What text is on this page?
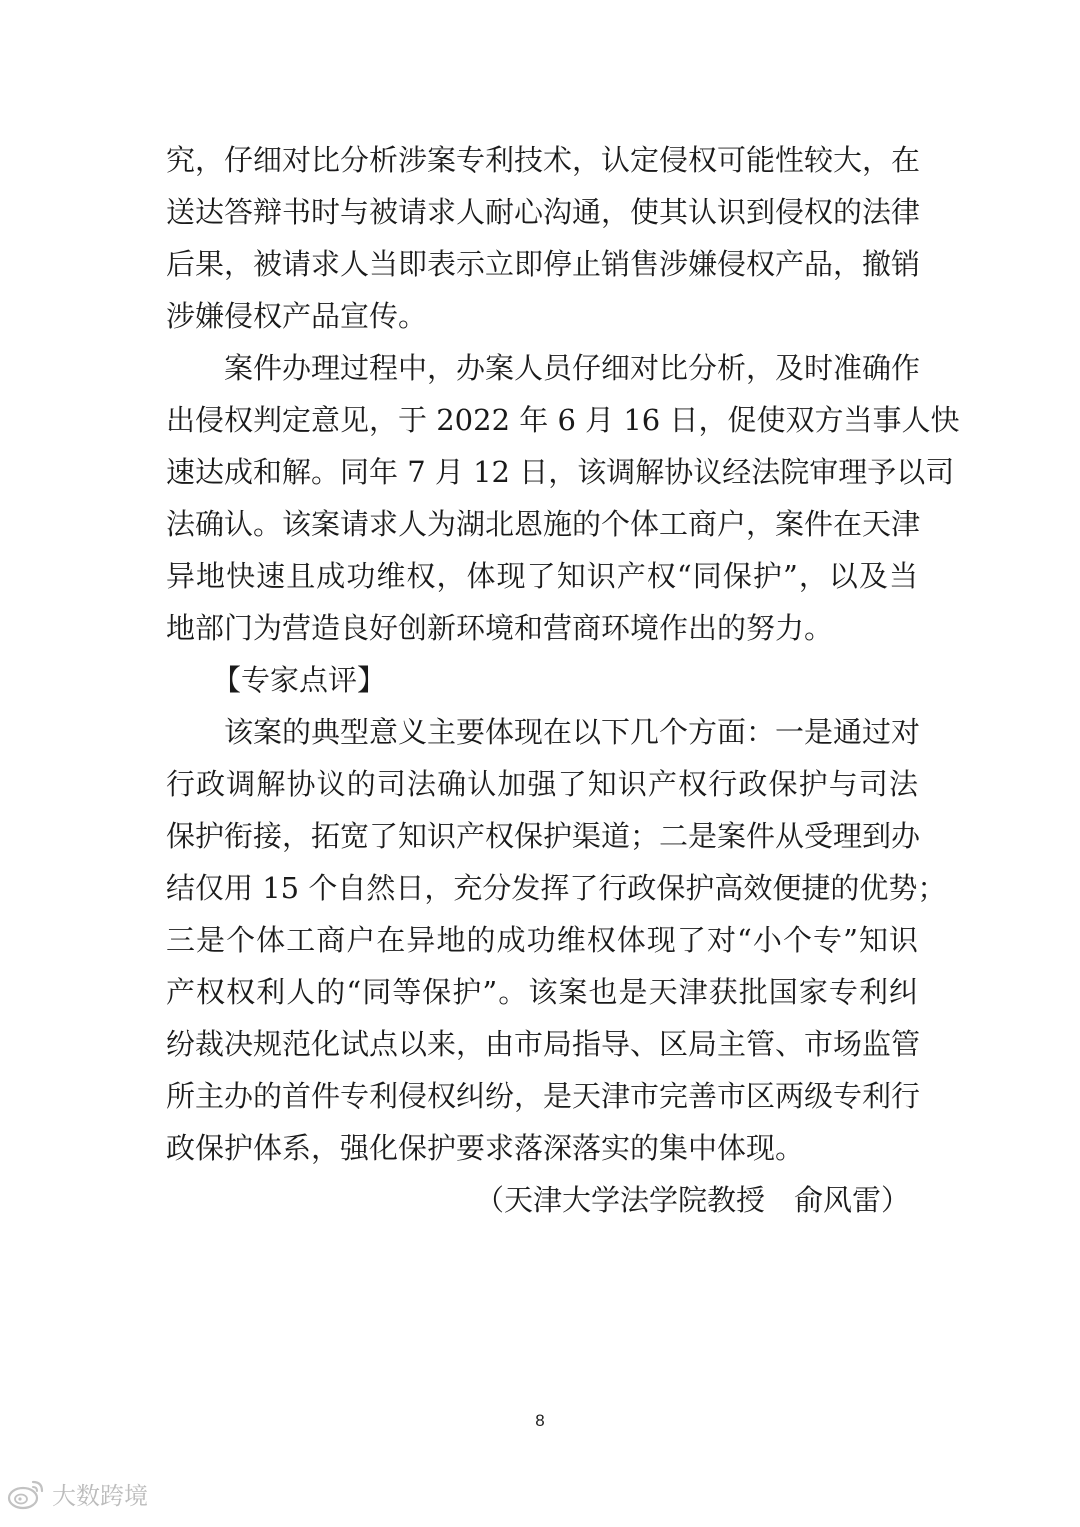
究，仔细对比分析涉案专利技术，认定侵权可能性较大，在
送达答辩书时与被请求人耐心沟通，使其认识到侵权的法律
后果，被请求人当即表示立即停止销售涉嫌侵权产品，撤销
涉嫌侵权产品宣传。
案件办理过程中，办案人员仔细对比分析，及时准确作
出侵权判定意见，于 2022 年 6 月 16 日，促使双方当事人快
速达成和解。同年 7 月 12 日，该调解协议经法院审理予以司
法确认。该案请求人为湖北恩施的个体工商户，案件在天津
异地快速且成功维权，体现了知识产权“同保护”，以及当
地部门为营造良好创新环境和营商环境作出的努力。
【专家点评】
该案的典型意义主要体现在以下几个方面：一是通过对
行政调解协议的司法确认加强了知识产权行政保护与司法
保护衔接，拓宽了知识产权保护渠道；二是案件从受理到办
结仅用 15 个自然日，充分发挥了行政保护高效便捷的优势；
三是个体工商户在异地的成功维权体现了对“小个专”知识
产权权利人的“同等保护”。该案也是天津获批国家专利纠
纷裁决规范化试点以来，由市局指导、区局主管、市场监管
所主办的首件专利侵权纠纷，是天津市完善市区两级专利行
政保护体系，强化保护要求落深落实的集中体现。
（天津大学法学院教授　俞风雷）
8
大数跨境
